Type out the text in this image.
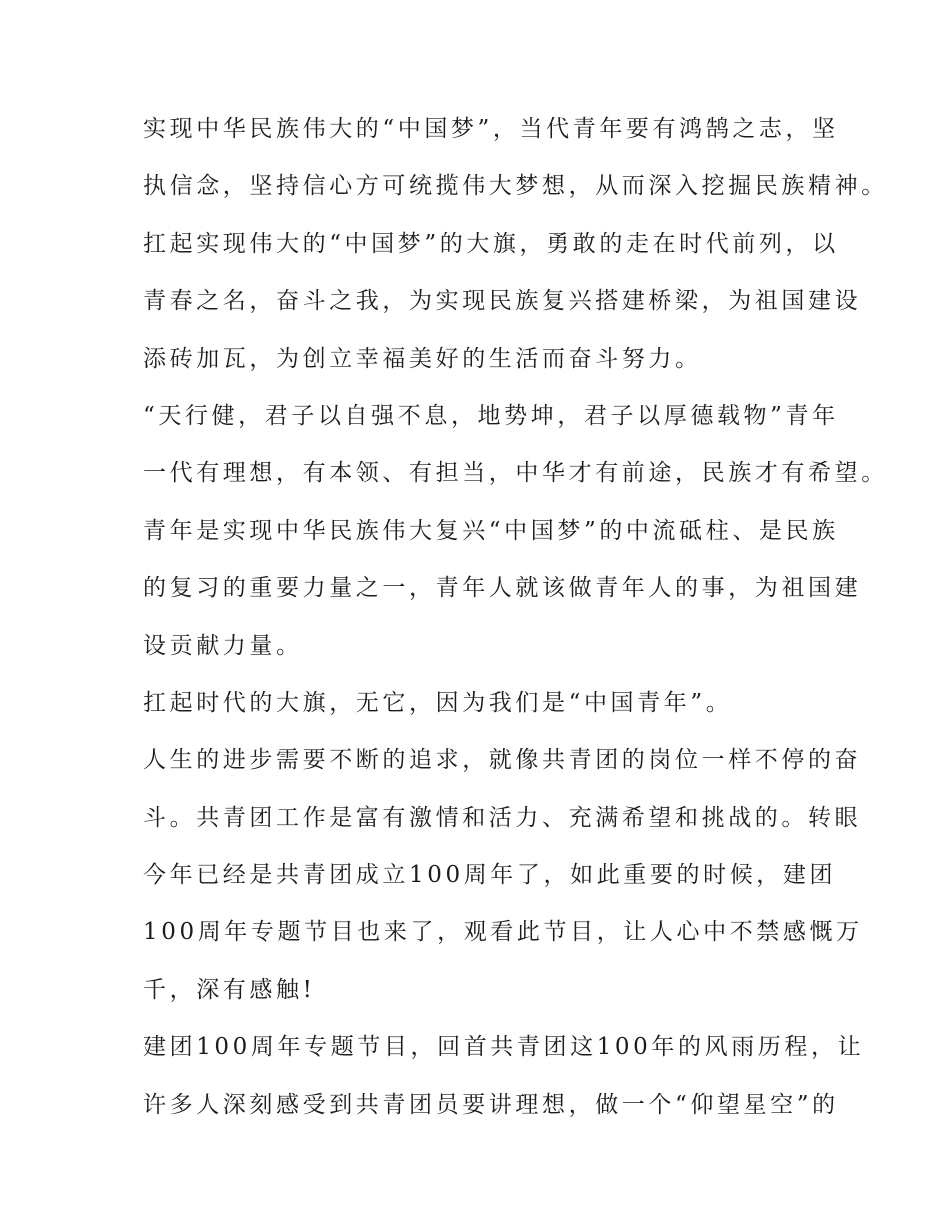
实现中华民族伟大的“中国梦”，当代青年要有鸿鹄之志，坚
执信念，坚持信心方可统揽伟大梦想，从而深入挖掘民族精神。
扛起实现伟大的“中国梦”的大旗，勇敢的走在时代前列，以
青春之名，奋斗之我，为实现民族复兴搭建桥梁，为祖国建设
添砖加瓦，为创立幸福美好的生活而奋斗努力。
“天行健，君子以自强不息，地势坤，君子以厚德载物”青年
一代有理想，有本领、有担当，中华才有前途，民族才有希望。
青年是实现中华民族伟大复兴“中国梦”的中流砥柱、是民族
的复习的重要力量之一，青年人就该做青年人的事，为祖国建
设贡献力量。
扛起时代的大旗，无它，因为我们是“中国青年”。
人生的进步需要不断的追求，就像共青团的岗位一样不停的奋
斗。共青团工作是富有激情和活力、充满希望和挑战的。转眼
今年已经是共青团成立100周年了，如此重要的时候，建团
100周年专题节目也来了，观看此节目，让人心中不禁感慨万
千，深有感触!
建团100周年专题节目，回首共青团这100年的风雨历程，让
许多人深刻感受到共青团员要讲理想，做一个“仰望星空”的
